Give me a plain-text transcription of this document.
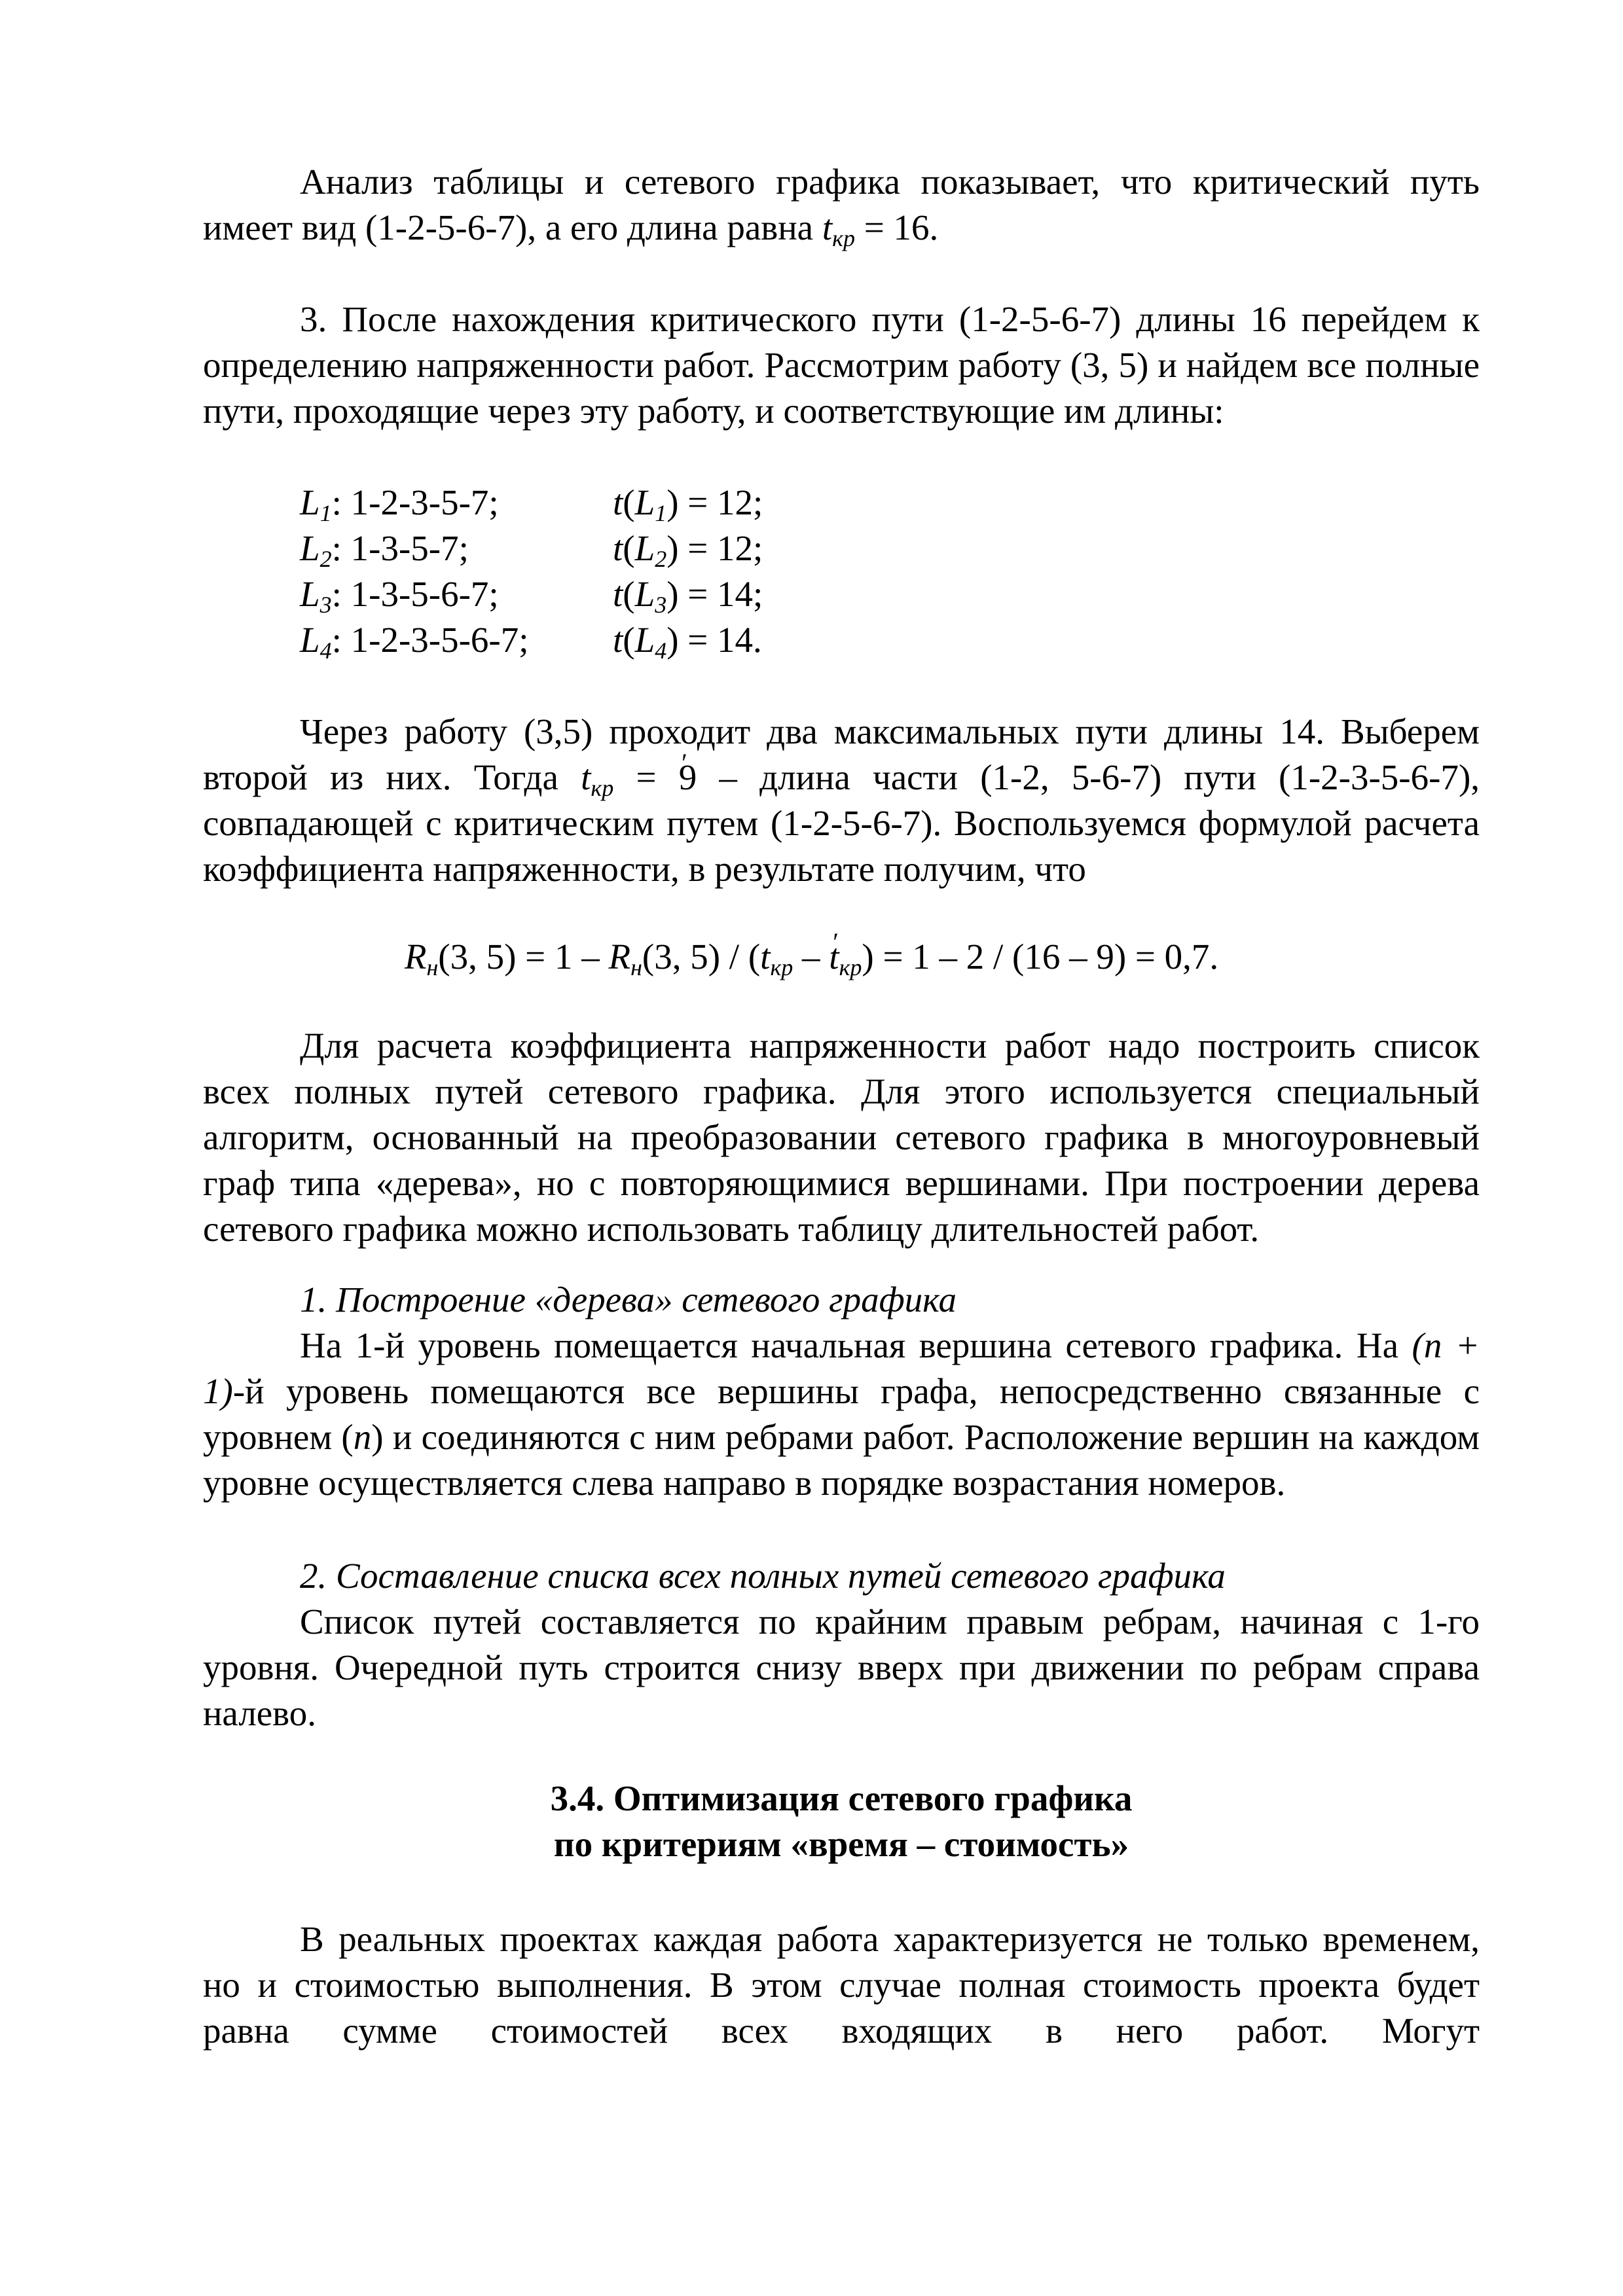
Анализ таблицы и сетевого графика показывает, что критический путь имеет вид (1-2-5-6-7), а его длина равна $t_{кр} = 16$.

3. После нахождения критического пути (1-2-5-6-7) длины 16 перейдем к определению напряженности работ. Рассмотрим работу (3, 5) и найдем все полные пути, проходящие через эту работу, и соответствующие им длины:

$L_1$: 1-2-3-5-7;	$t(L_1) = 12$;
$L_2$: 1-3-5-7;	$t(L_2) = 12$;
$L_3$: 1-3-5-6-7;	$t(L_3) = 14$;
$L_4$: 1-2-3-5-6-7; $t(L_4) = 14$.

Через работу (3,5) проходит два максимальных пути длины 14. Выберем второй из них. Тогда t $'_{кр} = 9$ – длина части (1-2, 5-6-7) пути (1-2-3-5-6-7), совпадающей с критическим путем (1-2-5-6-7). Воспользуемся формулой расчета коэффициента напряженности, в результате получим, что

$R_н(3$, $5) = 1 - R_н(3$, $5) / (t_{кр}$ – t $'_{кр}) = 1 - 2 / (16 - 9) = 0,7$.

Для расчета коэффициента напряженности работ надо построить список всех полных путей сетевого графика. Для этого используется специальный алгоритм, основанный на преобразовании сетевого графика в многоуровневый граф типа «дерева», но с повторяющимися вершинами. При построении дерева сетевого графика можно использовать таблицу длительностей работ.

1. Построение «дерева» сетевого графика

На 1-й уровень помещается начальная вершина сетевого графика. На (n + 1)-й уровень помещаются все вершины графа, непосредственно связанные с уровнем (n) и соединяются с ним ребрами работ. Расположение вершин на каждом уровне осуществляется слева направо в порядке возрастания номеров.

2. Составление списка всех полных путей сетевого графика

Список путей составляется по крайним правым ребрам, начиная с 1-го уровня. Очередной путь строится снизу вверх при движении по ребрам справа налево.

3.4. Оптимизация сетевого графика

по критериям «время – стоимость»

В реальных проектах каждая работа характеризуется не только временем, но и стоимостью выполнения. В этом случае полная стоимость проекта будет равна сумме стоимостей всех входящих в него работ. Могут
